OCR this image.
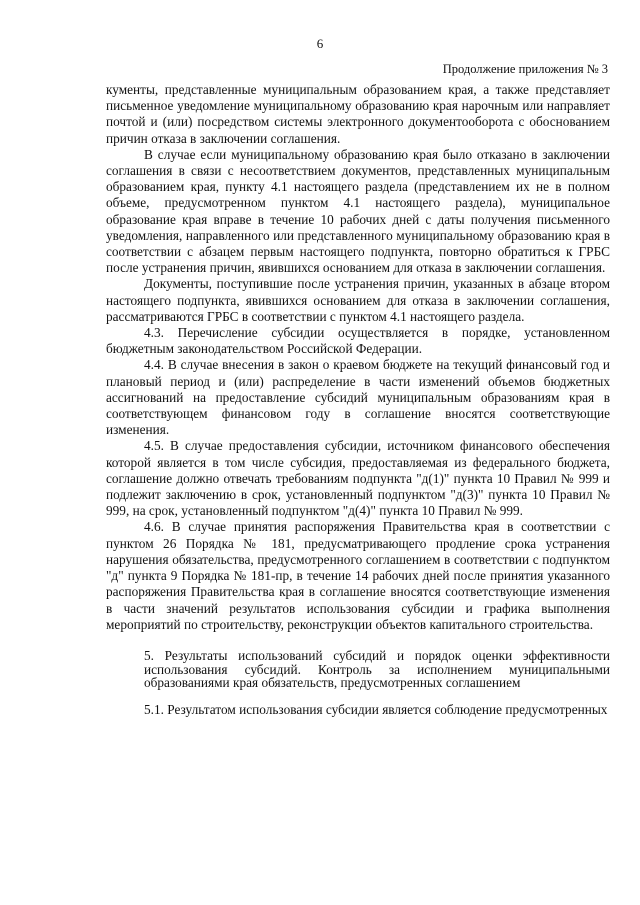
6
Продолжение приложения № 3

кументы, представленные муниципальным образованием края, а также представляет письменное уведомление муниципальному образованию края нарочным или направляет почтой и (или) посредством системы электронного документооборота с обоснованием причин отказа в заключении соглашения.

В случае если муниципальному образованию края было отказано в заключении соглашения в связи с несоответствием документов, представленных муниципальным образованием края, пункту 4.1 настоящего раздела (представлением их не в полном объеме, предусмотренном пунктом 4.1 настоящего раздела), муниципальное образование края вправе в течение 10 рабочих дней с даты получения письменного уведомления, направленного или представленного муниципальному образованию края в соответствии с абзацем первым настоящего подпункта, повторно обратиться к ГРБС после устранения причин, явившихся основанием для отказа в заключении соглашения.

Документы, поступившие после устранения причин, указанных в абзаце втором настоящего подпункта, явившихся основанием для отказа в заключении соглашения, рассматриваются ГРБС в соответствии с пунктом 4.1 настоящего раздела.

4.3. Перечисление субсидии осуществляется в порядке, установленном бюджетным законодательством Российской Федерации.

4.4. В случае внесения в закон о краевом бюджете на текущий финансовый год и плановый период и (или) распределение в части изменений объемов бюджетных ассигнований на предоставление субсидий муниципальным образованиям края в соответствующем финансовом году в соглашение вносятся соответствующие изменения.

4.5. В случае предоставления субсидии, источником финансового обеспечения которой является в том числе субсидия, предоставляемая из федерального бюджета, соглашение должно отвечать требованиям подпункта "д(1)" пункта 10 Правил № 999 и подлежит заключению в срок, установленный подпунктом "д(3)" пункта 10 Правил № 999, на срок, установленный подпунктом "д(4)" пункта 10 Правил № 999.

4.6. В случае принятия распоряжения Правительства края в соответствии с пунктом 26 Порядка № 181, предусматривающего продление срока устранения нарушения обязательства, предусмотренного соглашением в соответствии с подпунктом "д" пункта 9 Порядка № 181-пр, в течение 14 рабочих дней после принятия указанного распоряжения Правительства края в соглашение вносятся соответствующие изменения в части значений результатов использования субсидии и графика выполнения мероприятий по строительству, реконструкции объектов капитального строительства.

5. Результаты использований субсидий и порядок оценки эффективности использования субсидий. Контроль за исполнением муниципальными образованиями края обязательств, предусмотренных соглашением

5.1. Результатом использования субсидии является соблюдение предусмотренных
